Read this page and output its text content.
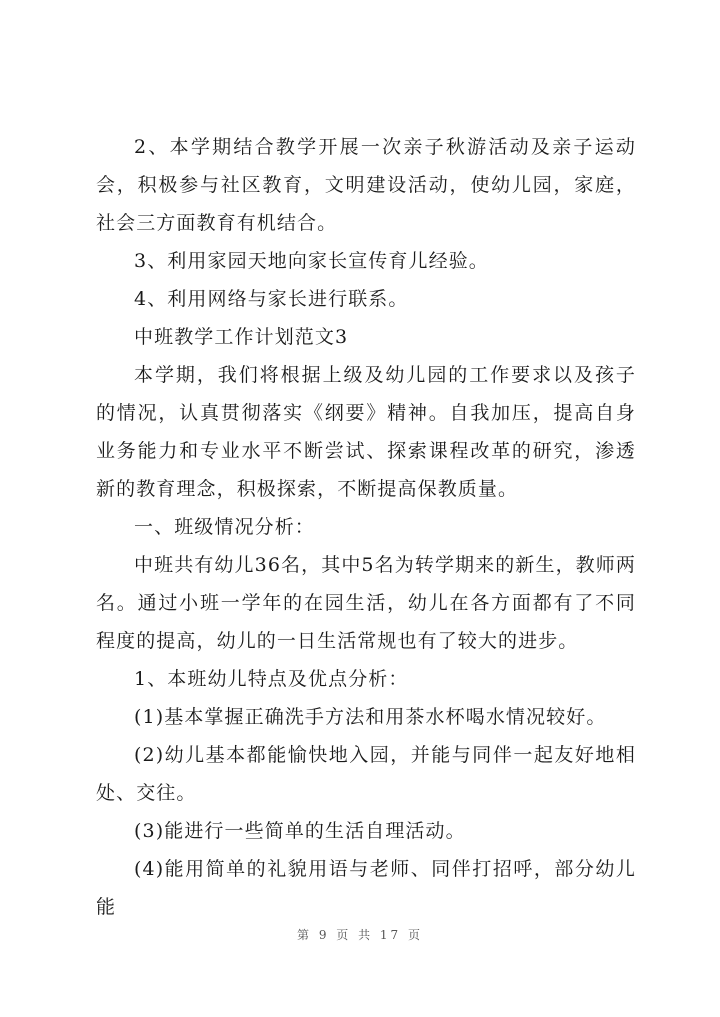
2、本学期结合教学开展一次亲子秋游活动及亲子运动会，积极参与社区教育，文明建设活动，使幼儿园，家庭，社会三方面教育有机结合。

3、利用家园天地向家长宣传育儿经验。

4、利用网络与家长进行联系。

中班教学工作计划范文3

本学期，我们将根据上级及幼儿园的工作要求以及孩子的情况，认真贯彻落实《纲要》精神。自我加压，提高自身业务能力和专业水平不断尝试、探索课程改革的研究，渗透新的教育理念，积极探索，不断提高保教质量。

一、班级情况分析：

中班共有幼儿36名，其中5名为转学期来的新生，教师两名。通过小班一学年的在园生活，幼儿在各方面都有了不同程度的提高，幼儿的一日生活常规也有了较大的进步。

1、本班幼儿特点及优点分析：

(1)基本掌握正确洗手方法和用茶水杯喝水情况较好。

(2)幼儿基本都能愉快地入园，并能与同伴一起友好地相处、交往。

(3)能进行一些简单的生活自理活动。

(4)能用简单的礼貌用语与老师、同伴打招呼，部分幼儿能

第 9 页 共 17 页
